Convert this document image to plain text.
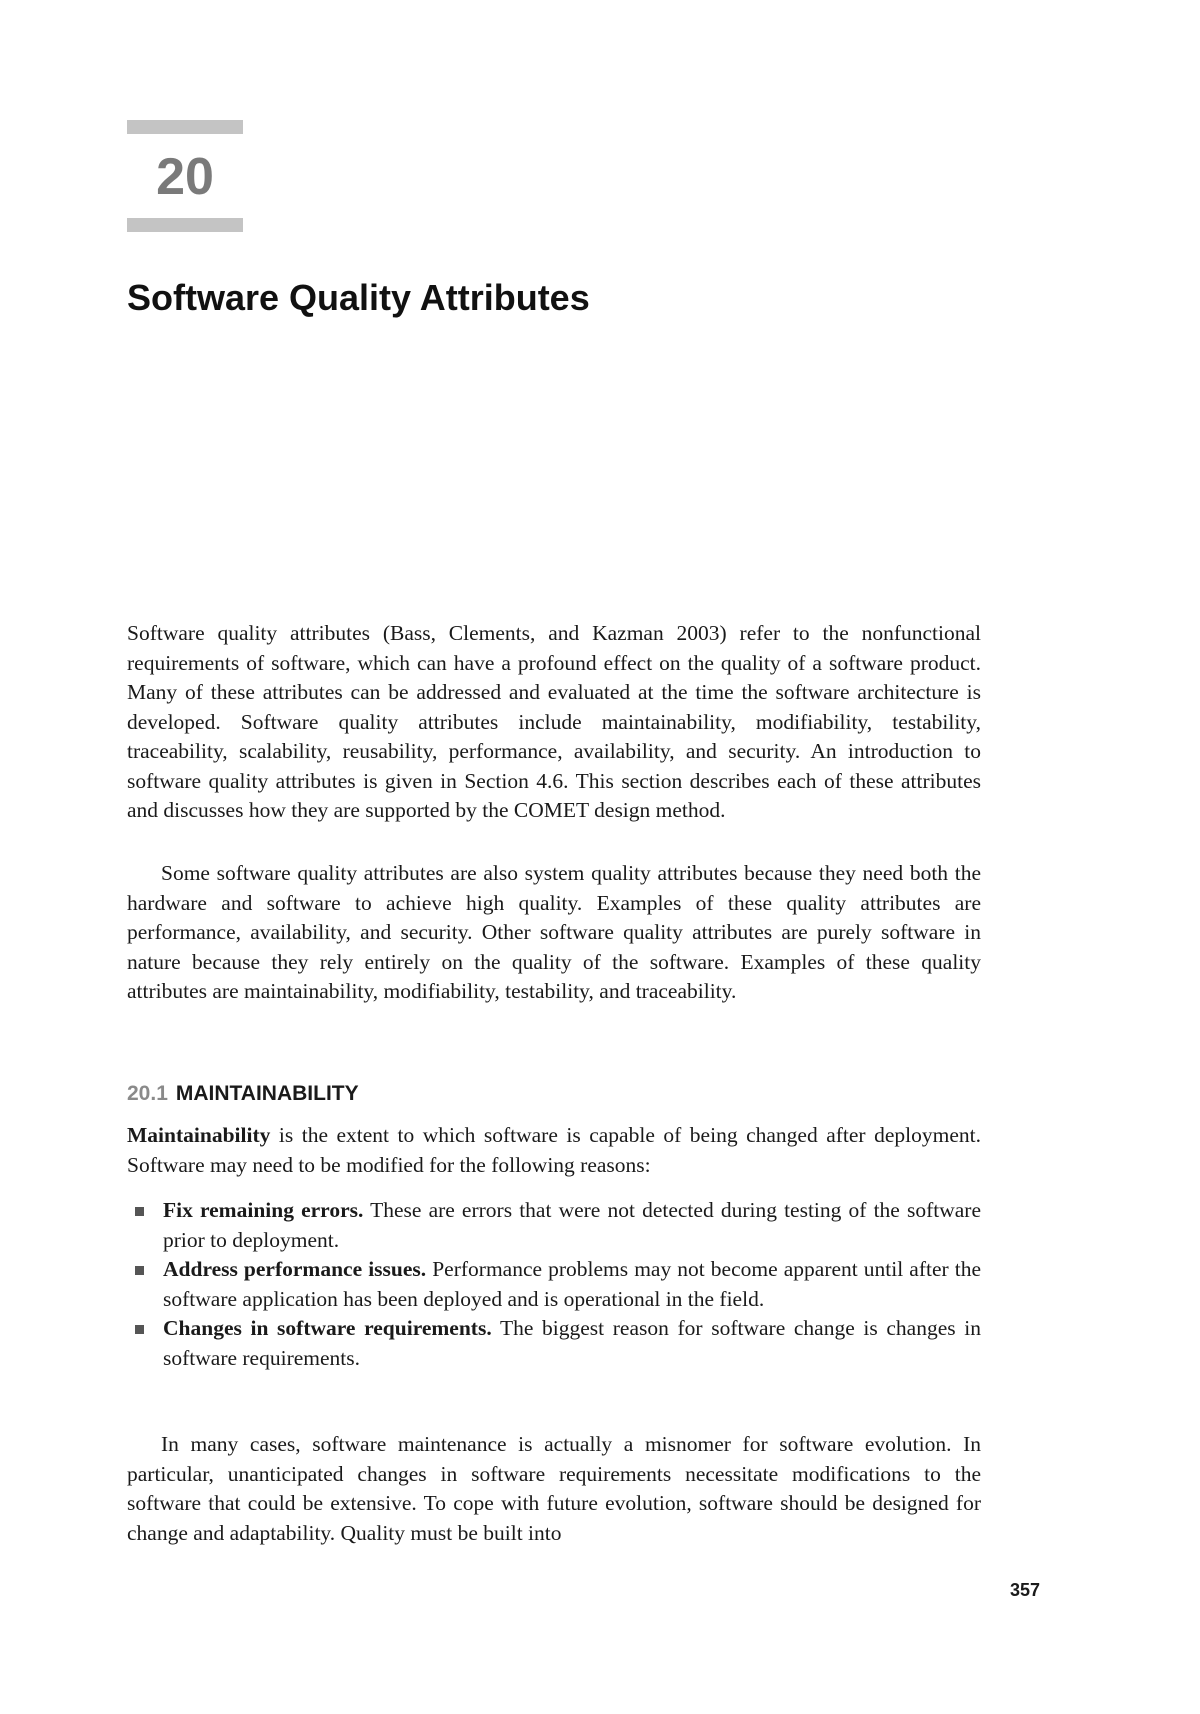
20
Software Quality Attributes

Software quality attributes (Bass, Clements, and Kazman 2003) refer to the nonfunctional requirements of software, which can have a profound effect on the quality of a software product. Many of these attributes can be addressed and evaluated at the time the software architecture is developed. Software quality attributes include maintainability, modifiability, testability, traceability, scalability, reusability, performance, availability, and security. An introduction to software quality attributes is given in Section 4.6. This section describes each of these attributes and discusses how they are supported by the COMET design method.

Some software quality attributes are also system quality attributes because they need both the hardware and software to achieve high quality. Examples of these quality attributes are performance, availability, and security. Other software quality attributes are purely software in nature because they rely entirely on the quality of the software. Examples of these quality attributes are maintainability, modifiability, testability, and traceability.

20.1 MAINTAINABILITY

Maintainability is the extent to which software is capable of being changed after deployment. Software may need to be modified for the following reasons:

Fix remaining errors. These are errors that were not detected during testing of the software prior to deployment.
Address performance issues. Performance problems may not become apparent until after the software application has been deployed and is operational in the field.
Changes in software requirements. The biggest reason for software change is changes in software requirements.

In many cases, software maintenance is actually a misnomer for software evolution. In particular, unanticipated changes in software requirements necessitate modifications to the software that could be extensive. To cope with future evolution, software should be designed for change and adaptability. Quality must be built into

357
